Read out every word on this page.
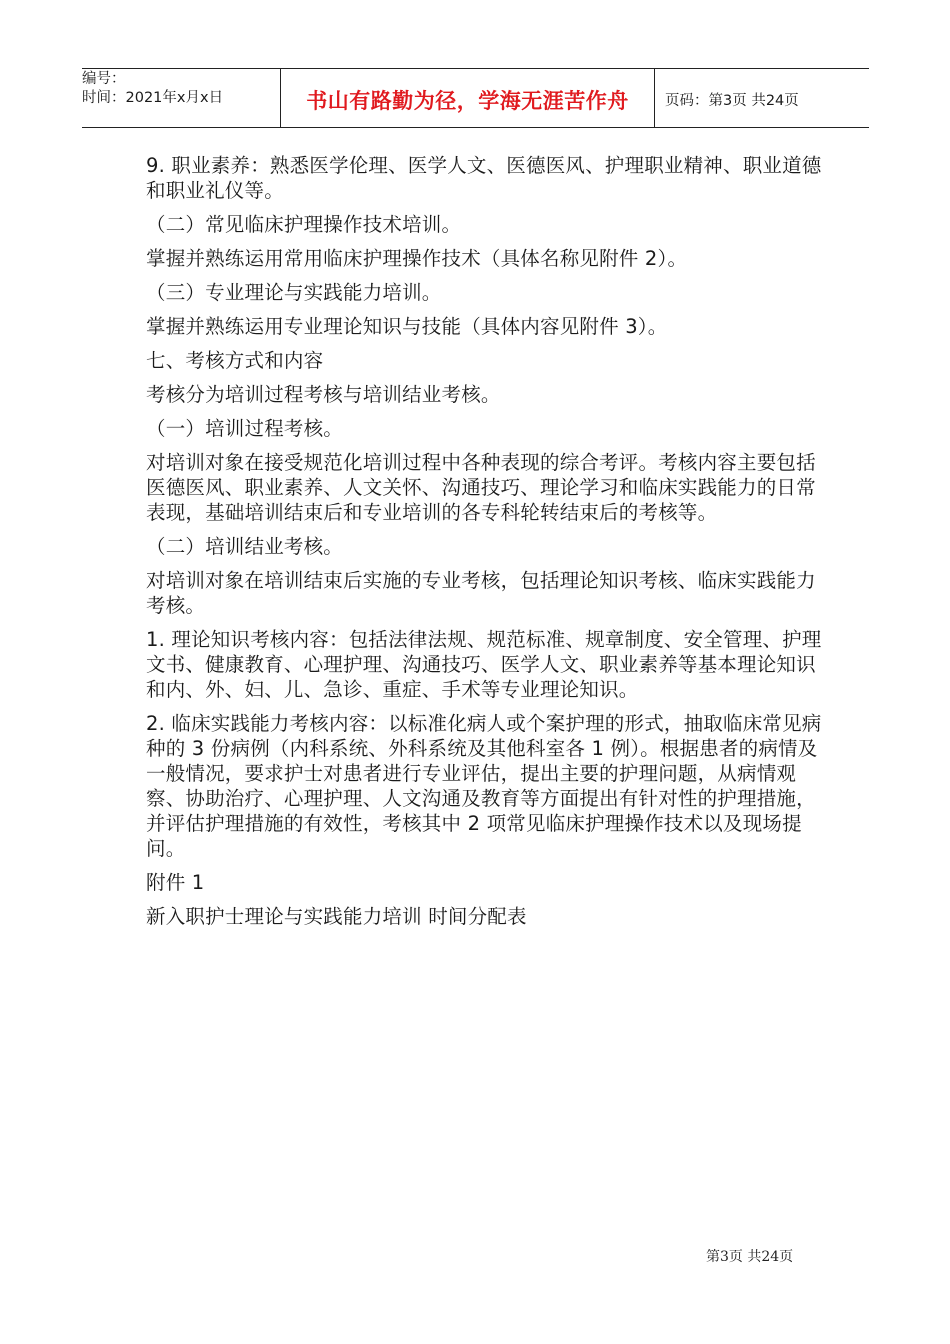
编号：
时间：2021年x月x日	书山有路勤为径，学海无涯苦作舟	页码：第3页 共24页

9. 职业素养：熟悉医学伦理、医学人文、医德医风、护理职业精神、职业道德和职业礼仪等。

（二）常见临床护理操作技术培训。

掌握并熟练运用常用临床护理操作技术（具体名称见附件 2）。

（三）专业理论与实践能力培训。

掌握并熟练运用专业理论知识与技能（具体内容见附件 3）。

七、考核方式和内容

考核分为培训过程考核与培训结业考核。

（一）培训过程考核。

对培训对象在接受规范化培训过程中各种表现的综合考评。考核内容主要包括医德医风、职业素养、人文关怀、沟通技巧、理论学习和临床实践能力的日常表现，基础培训结束后和专业培训的各专科轮转结束后的考核等。

（二）培训结业考核。

对培训对象在培训结束后实施的专业考核，包括理论知识考核、临床实践能力考核。

1. 理论知识考核内容：包括法律法规、规范标准、规章制度、安全管理、护理文书、健康教育、心理护理、沟通技巧、医学人文、职业素养等基本理论知识和内、外、妇、儿、急诊、重症、手术等专业理论知识。

2. 临床实践能力考核内容：以标准化病人或个案护理的形式，抽取临床常见病种的 3 份病例（内科系统、外科系统及其他科室各 1 例）。根据患者的病情及一般情况，要求护士对患者进行专业评估，提出主要的护理问题，从病情观察、协助治疗、心理护理、人文沟通及教育等方面提出有针对性的护理措施，并评估护理措施的有效性，考核其中 2 项常见临床护理操作技术以及现场提问。

附件 1

新入职护士理论与实践能力培训 时间分配表

第3页 共24页
